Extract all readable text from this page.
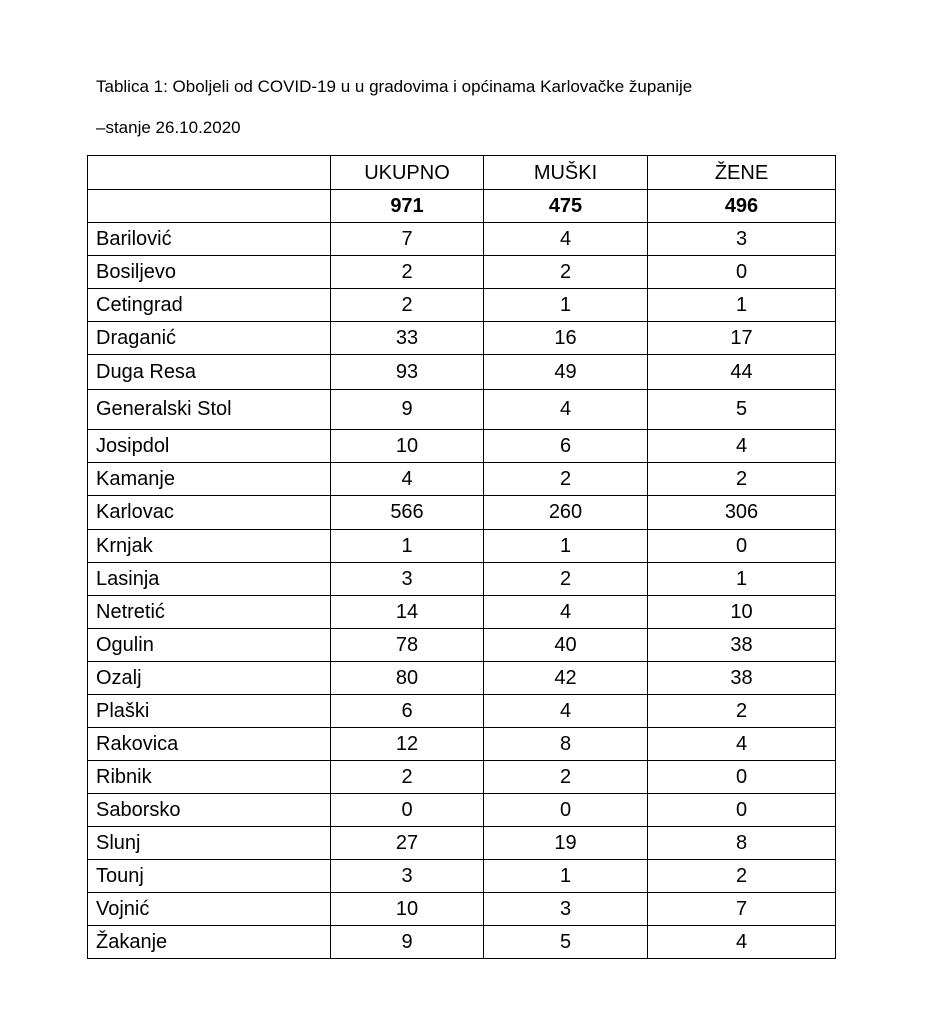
Tablica 1: Oboljeli od COVID-19 u u gradovima i općinama Karlovačke županije
–stanje 26.10.2020
	UKUPNO	MUŠKI	ŽENE
	971	475	496
Barilović	7	4	3
Bosiljevo	2	2	0
Cetingrad	2	1	1
Draganić	33	16	17
Duga Resa	93	49	44
Generalski Stol	9	4	5
Josipdol	10	6	4
Kamanje	4	2	2
Karlovac	566	260	306
Krnjak	1	1	0
Lasinja	3	2	1
Netretić	14	4	10
Ogulin	78	40	38
Ozalj	80	42	38
Plaški	6	4	2
Rakovica	12	8	4
Ribnik	2	2	0
Saborsko	0	0	0
Slunj	27	19	8
Tounj	3	1	2
Vojnić	10	3	7
Žakanje	9	5	4
